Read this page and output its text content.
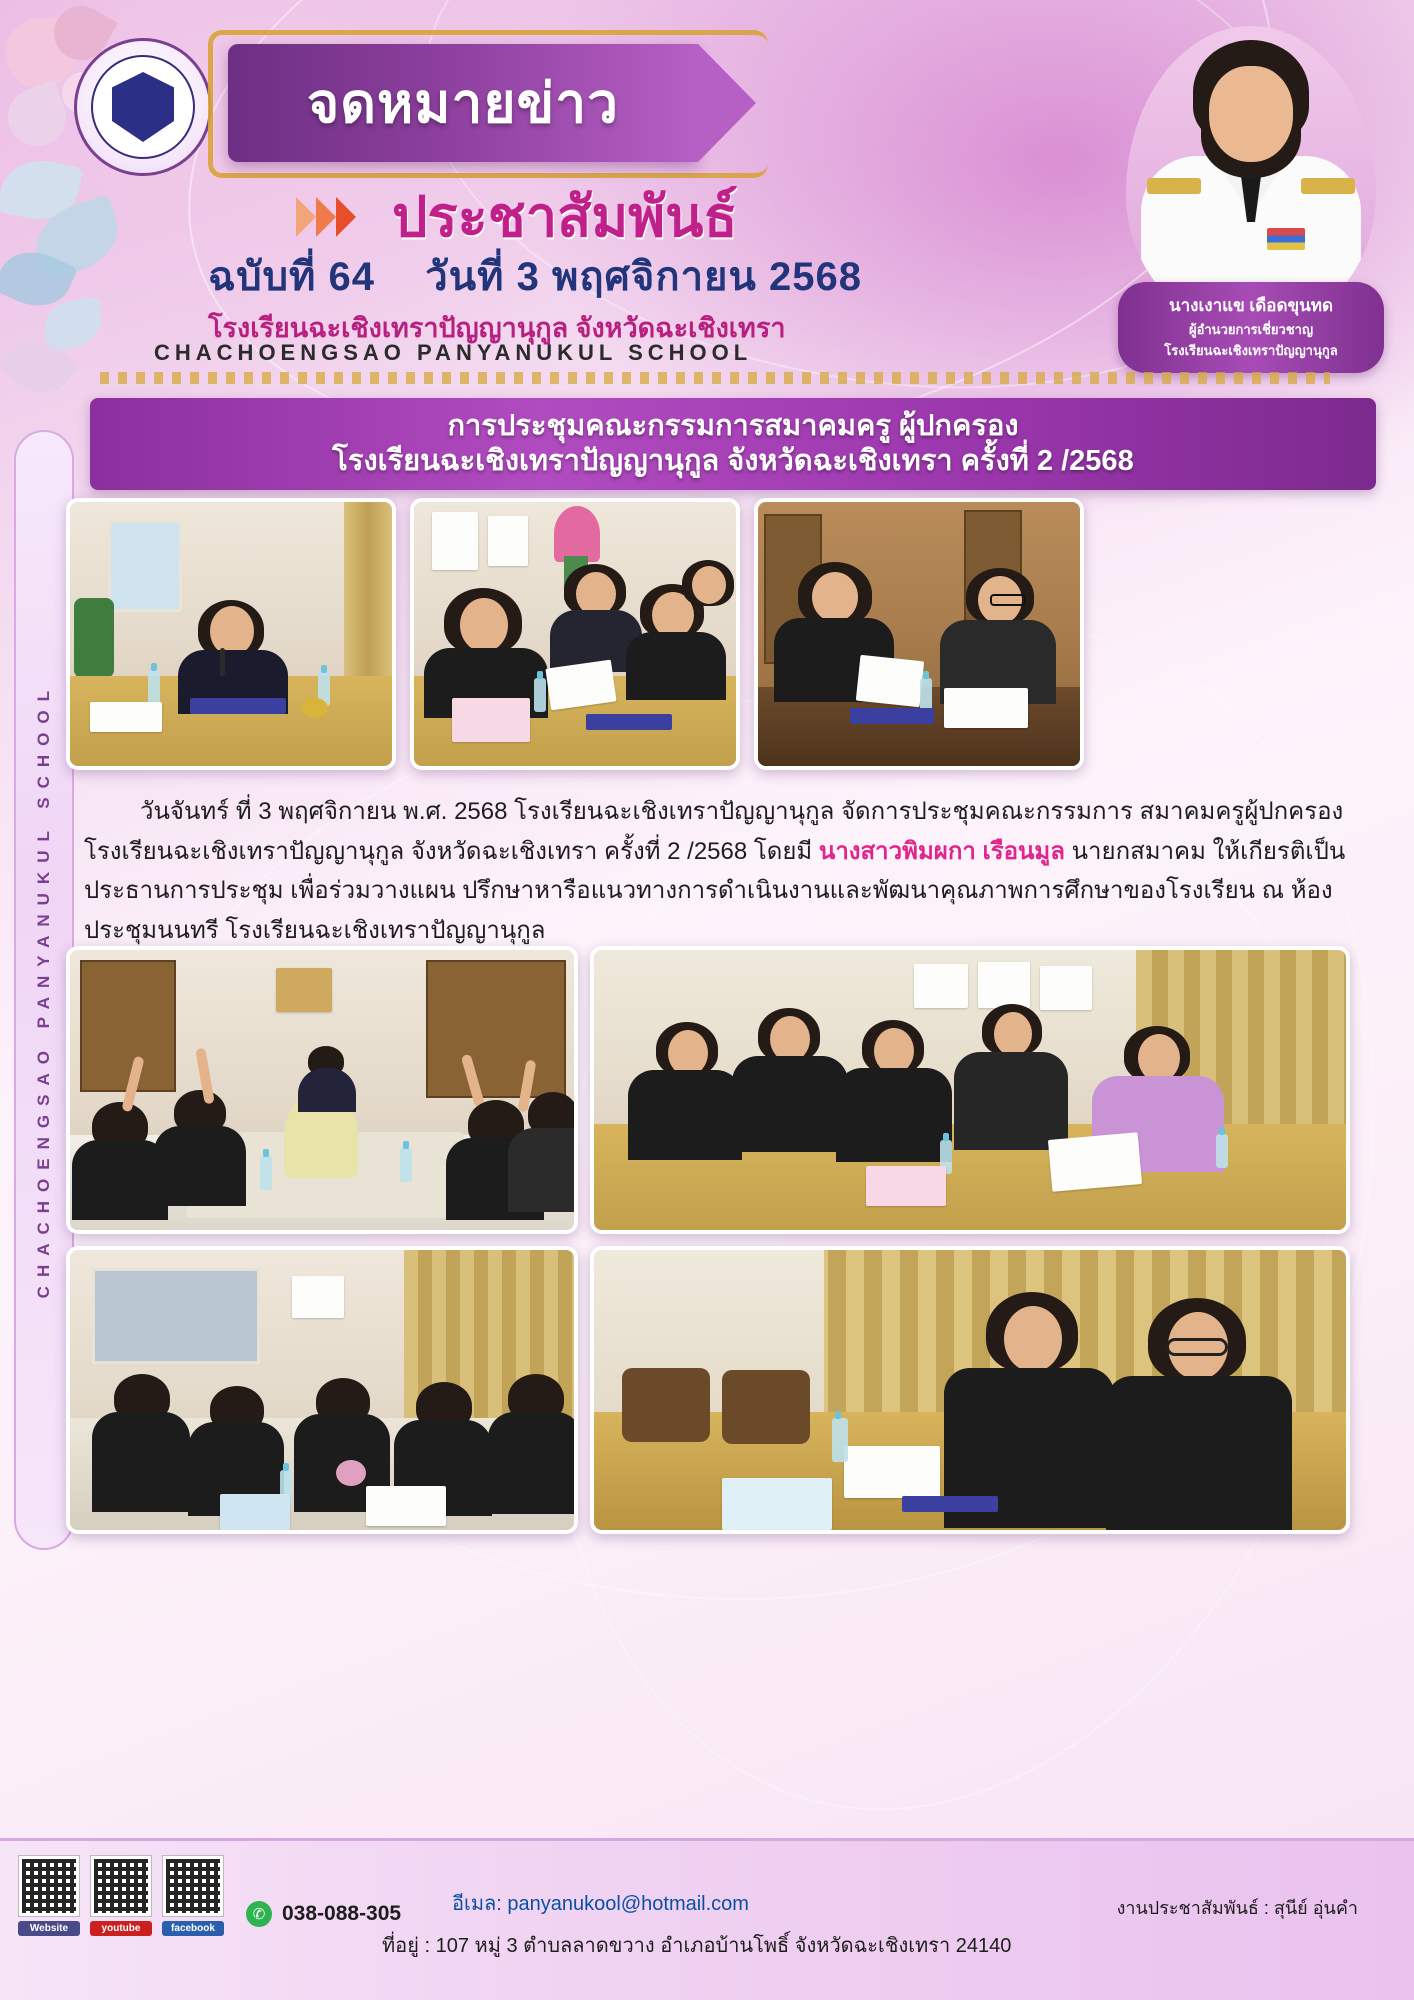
จดหมายข่าว
ประชาสัมพันธ์
ฉบับที่ 64 วันที่ 3 พฤศจิกายน 2568
โรงเรียนฉะเชิงเทราปัญญานุกูล จังหวัดฉะเชิงเทรา
CHACHOENGSAO PANYANUKUL SCHOOL
นางเงาแข เดือดขุนทด
ผู้อำนวยการเชี่ยวชาญ
โรงเรียนฉะเชิงเทราปัญญานุกูล
การประชุมคณะกรรมการสมาคมครู ผู้ปกครอง
โรงเรียนฉะเชิงเทราปัญญานุกูล จังหวัดฉะเชิงเทรา ครั้งที่ 2 /2568
CHACHOENGSAO PANYANUKUL SCHOOL	วันจันทร์ ที่ 3 พฤศจิกายน พ.ศ. 2568 โรงเรียนฉะเชิงเทราปัญญานุกูล จัดการประชุมคณะกรรมการ สมาคมครูผู้ปกครอง โรงเรียนฉะเชิงเทราปัญญานุกูล จังหวัดฉะเชิงเทรา ครั้งที่ 2 /2568 โดยมี นางสาวพิมผกา เรือนมูล นายกสมาคม ให้เกียรติเป็นประธานการประชุม เพื่อร่วมวางแผน ปรึกษาหารือแนวทางการดำเนินงานและพัฒนาคุณภาพการศึกษาของโรงเรียน ณ ห้องประชุมนนทรี โรงเรียนฉะเชิงเทราปัญญานุกูล

Website	youtube	facebook
✆ 038-088-305	อีเมล: panyanukool@hotmail.com
ที่อยู่ : 107 หมู่ 3 ตำบลลาดขวาง อำเภอบ้านโพธิ์ จังหวัดฉะเชิงเทรา 24140
งานประชาสัมพันธ์ : สุนีย์ อุ่นคำ
